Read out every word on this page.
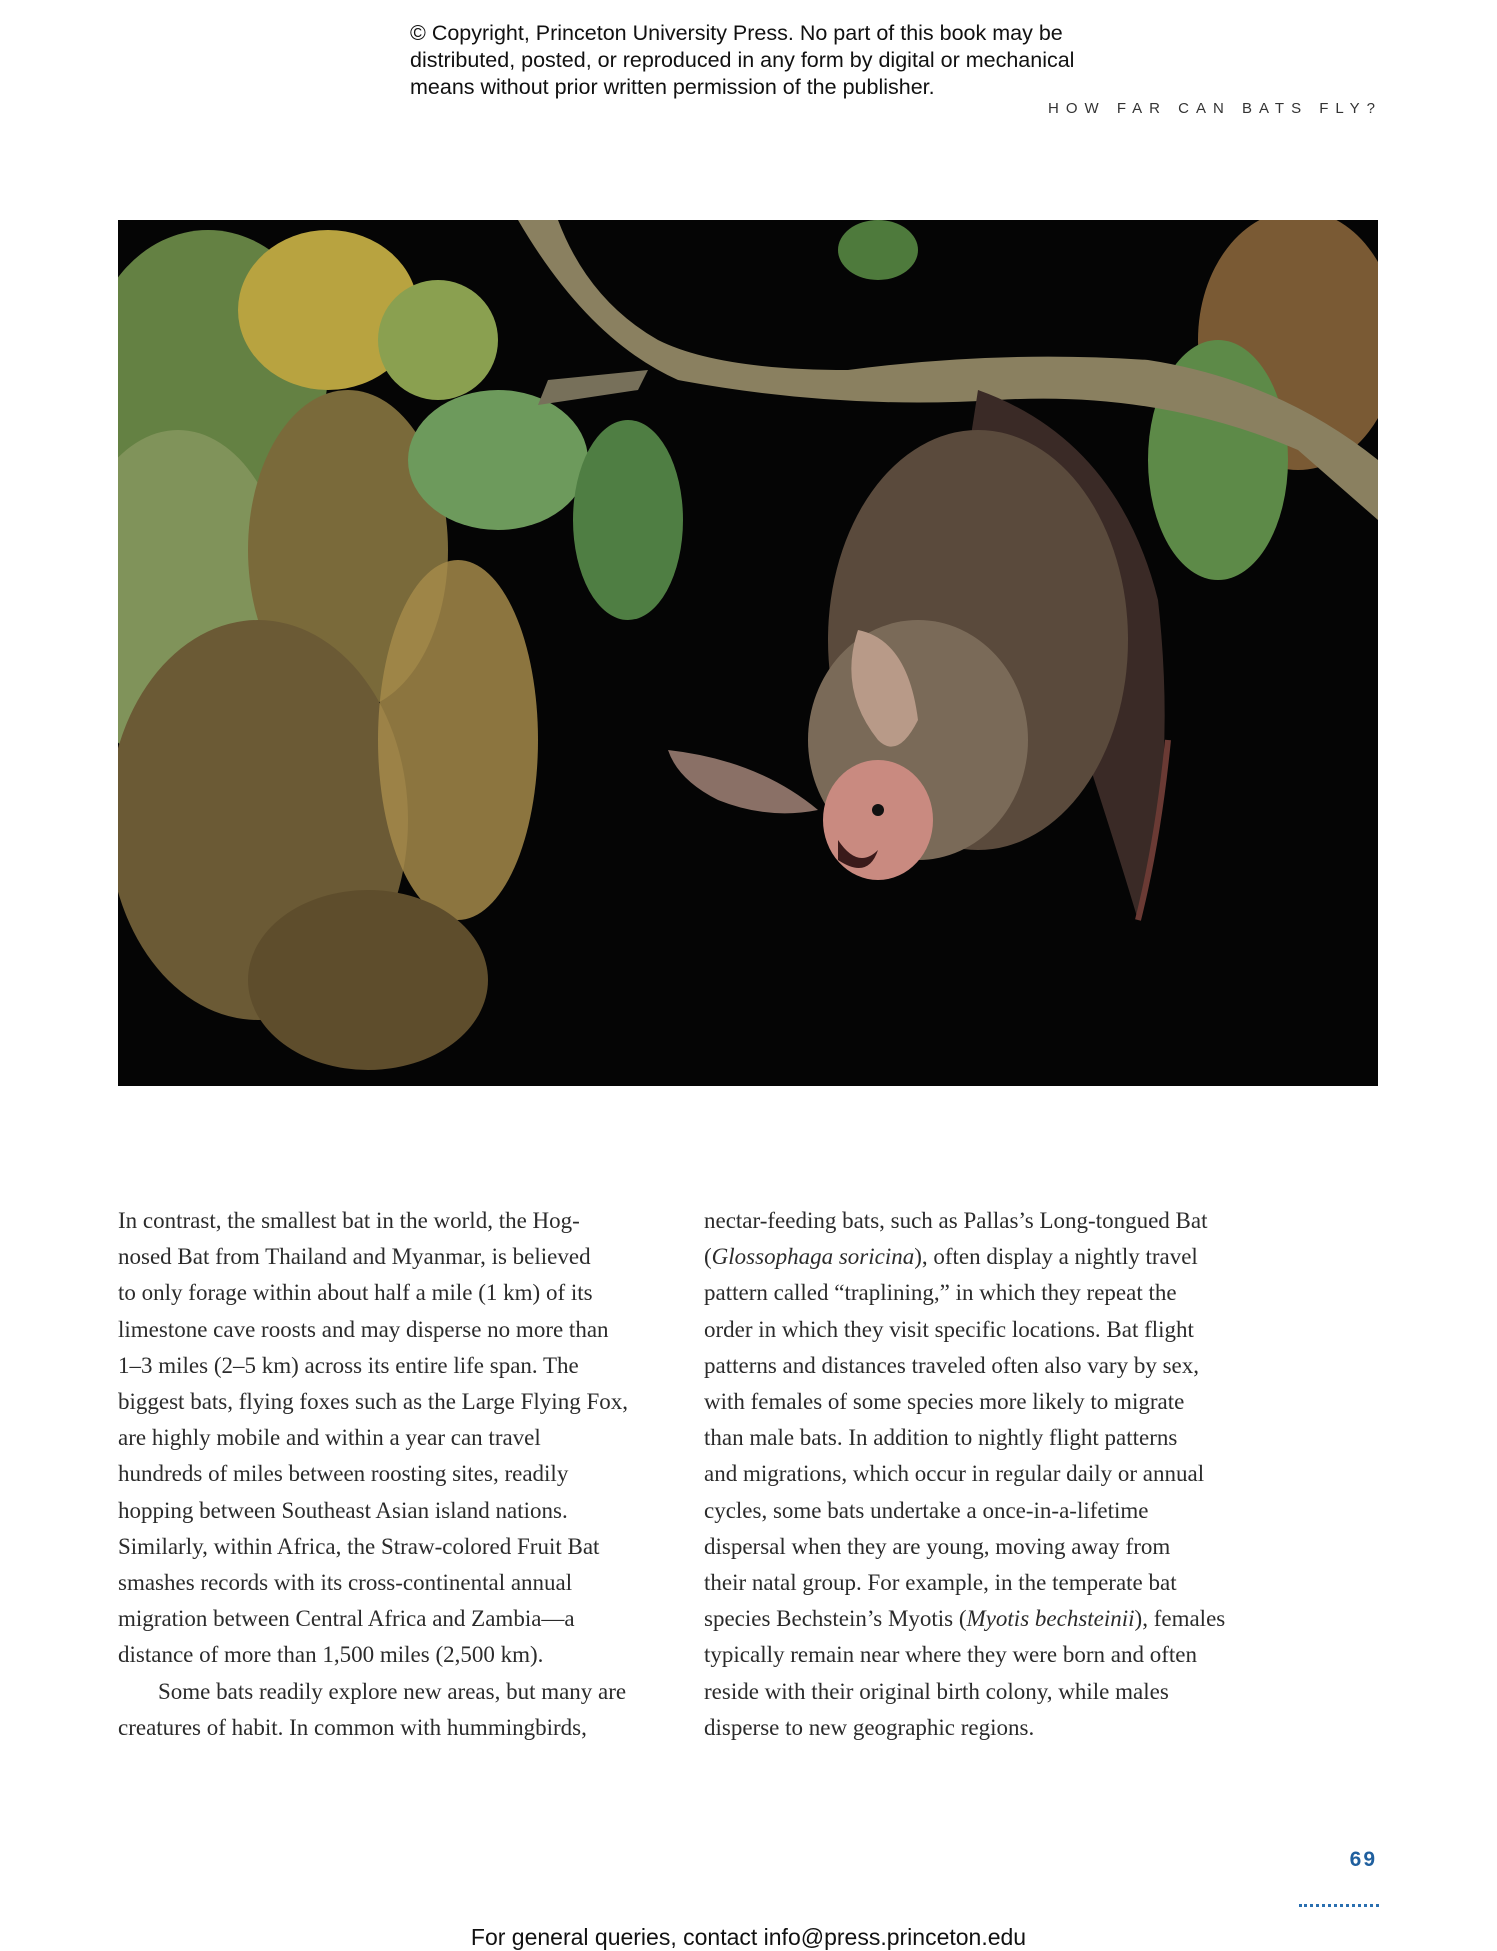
© Copyright, Princeton University Press. No part of this book may be
distributed, posted, or reproduced in any form by digital or mechanical
means without prior written permission of the publisher.
HOW FAR CAN BATS FLY?

In contrast, the smallest bat in the world, the Hog-
nosed Bat from Thailand and Myanmar, is believed
to only forage within about half a mile (1 km) of its
limestone cave roosts and may disperse no more than
1–3 miles (2–5 km) across its entire life span. The
biggest bats, flying foxes such as the Large Flying Fox,
are highly mobile and within a year can travel
hundreds of miles between roosting sites, readily
hopping between Southeast Asian island nations.
Similarly, within Africa, the Straw-colored Fruit Bat
smashes records with its cross-continental annual
migration between Central Africa and Zambia—a
distance of more than 1,500 miles (2,500 km).

Some bats readily explore new areas, but many are
creatures of habit. In common with hummingbirds,

nectar-feeding bats, such as Pallas’s Long-tongued Bat
(Glossophaga soricina), often display a nightly travel
pattern called “traplining,” in which they repeat the
order in which they visit specific locations. Bat flight
patterns and distances traveled often also vary by sex,
with females of some species more likely to migrate
than male bats. In addition to nightly flight patterns
and migrations, which occur in regular daily or annual
cycles, some bats undertake a once-in-a-lifetime
dispersal when they are young, moving away from
their natal group. For example, in the temperate bat
species Bechstein’s Myotis (Myotis bechsteinii), females
typically remain near where they were born and often
reside with their original birth colony, while males
disperse to new geographic regions.

69
For general queries, contact info@press.princeton.edu
